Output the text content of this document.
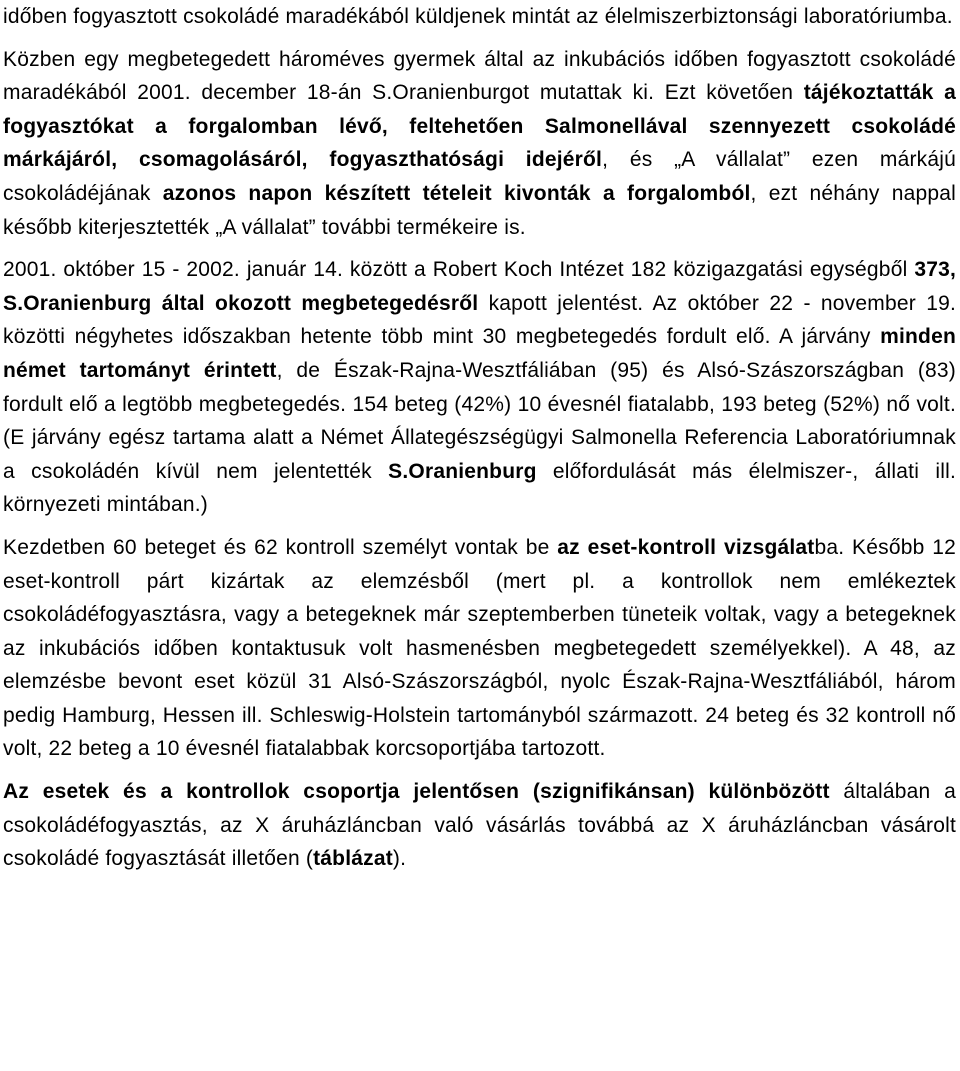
időben fogyasztott csokoládé maradékából küldjenek mintát az élelmiszerbiztonsági laboratóriumba.

Közben egy megbetegedett hároméves gyermek által az inkubációs időben fogyasztott csokoládé maradékából 2001. december 18-án S.Oranienburgot mutattak ki. Ezt követően tájékoztatták a fogyasztókat a forgalomban lévő, feltehetően Salmonellával szennyezett csokoládé márkájáról, csomagolásáról, fogyaszthatósági idejéről, és „A vállalat” ezen márkájú csokoládéjának azonos napon készített tételeit kivonták a forgalomból, ezt néhány nappal később kiterjesztették „A vállalat” további termékeire is.

2001. október 15 - 2002. január 14. között a Robert Koch Intézet 182 közigazgatási egységből 373, S.Oranienburg által okozott megbetegedésről kapott jelentést. Az október 22 - november 19. közötti négyhetes időszakban hetente több mint 30 megbetegedés fordult elő. A járvány minden német tartományt érintett, de Észak-Rajna-Wesztfáliában (95) és Alsó-Szászországban (83) fordult elő a legtöbb megbetegedés. 154 beteg (42%) 10 évesnél fiatalabb, 193 beteg (52%) nő volt. (E járvány egész tartama alatt a Német Állategészségügyi Salmonella Referencia Laboratóriumnak a csokoládén kívül nem jelentették S.Oranienburg előfordulását más élelmiszer-, állati ill. környezeti mintában.)

Kezdetben 60 beteget és 62 kontroll személyt vontak be az eset-kontroll vizsgálatba. Később 12 eset-kontroll párt kizártak az elemzésből (mert pl. a kontrollok nem emlékeztek csokoládéfogyasztásra, vagy a betegeknek már szeptemberben tüneteik voltak, vagy a betegeknek az inkubációs időben kontaktusuk volt hasmenésben megbetegedett személyekkel). A 48, az elemzésbe bevont eset közül 31 Alsó-Szászországból, nyolc Észak-Rajna-Wesztfáliából, három pedig Hamburg, Hessen ill. Schleswig-Holstein tartományból származott. 24 beteg és 32 kontroll nő volt, 22 beteg a 10 évesnél fiatalabbak korcsoportjába tartozott.

Az esetek és a kontrollok csoportja jelentősen (szignifikánsan) különbözött általában a csokoládéfogyasztás, az X áruházláncban való vásárlás továbbá az X áruházláncban vásárolt csokoládé fogyasztását illetően (táblázat).
